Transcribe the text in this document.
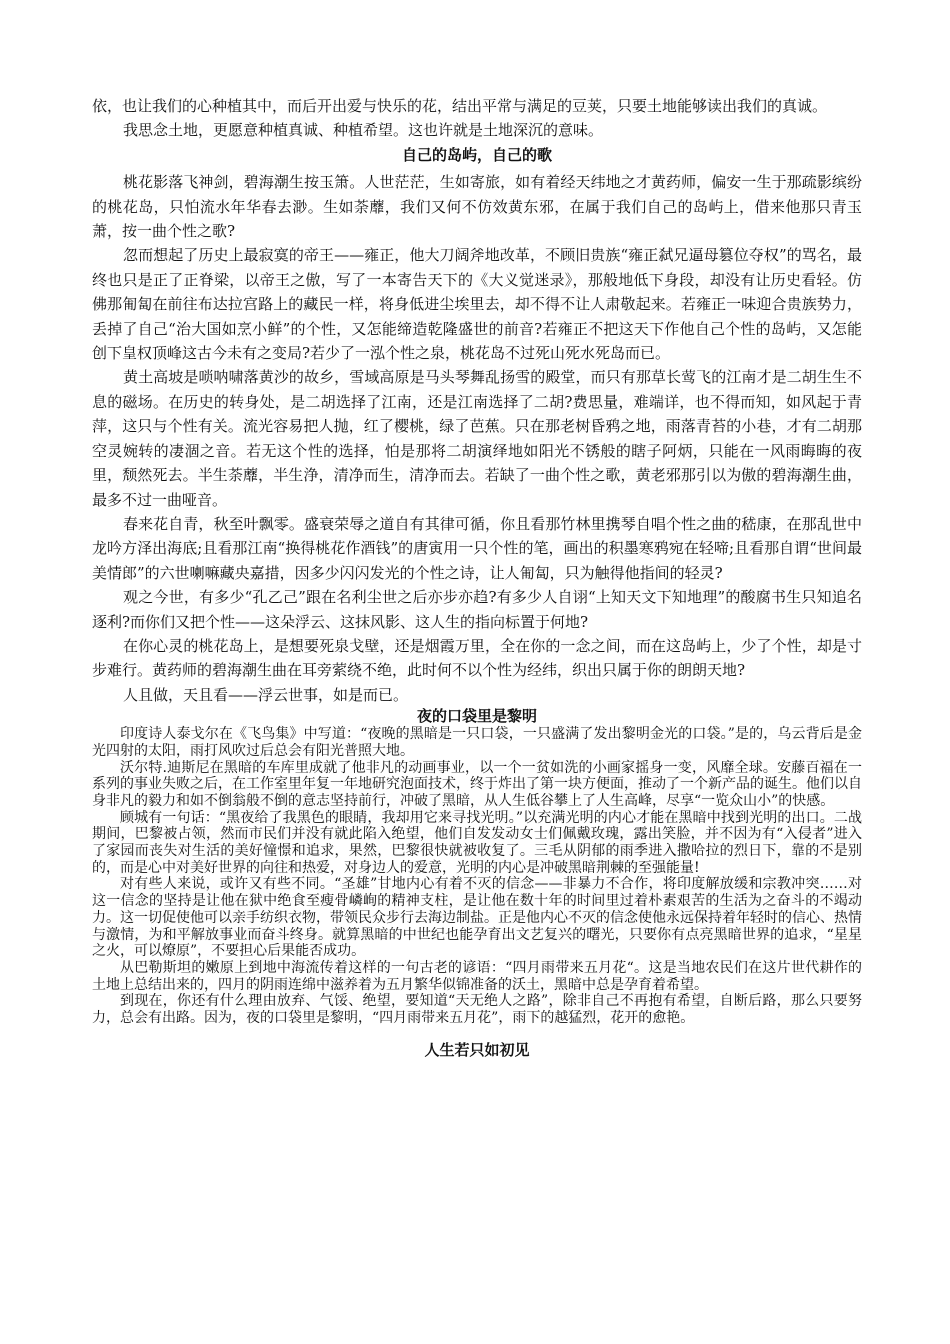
依，也让我们的心种植其中，而后开出爱与快乐的花，结出平常与满足的豆荚，只要土地能够读出我们的真诚。

我思念土地，更愿意种植真诚、种植希望。这也许就是土地深沉的意味。

自己的岛屿，自己的歌

桃花影落飞神剑，碧海潮生按玉箫。人世茫茫，生如寄旅，如有着经天纬地之才黄药师，偏安一生于那疏影缤纷的桃花岛，只怕流水年华春去渺。生如荼蘼，我们又何不仿效黄东邪，在属于我们自己的岛屿上，借来他那只青玉萧，按一曲个性之歌?

忽而想起了历史上最寂寞的帝王——雍正，他大刀阔斧地改革，不顾旧贵族“雍正弑兄逼母篡位夺权”的骂名，最终也只是正了正脊梁，以帝王之傲，写了一本寄告天下的《大义觉迷录》，那般地低下身段，却没有让历史看轻。仿佛那匍匐在前往布达拉宫路上的藏民一样，将身低进尘埃里去，却不得不让人肃敬起来。若雍正一味迎合贵族势力，丢掉了自己“治大国如烹小鲜”的个性，又怎能缔造乾隆盛世的前音?若雍正不把这天下作他自己个性的岛屿，又怎能创下皇权顶峰这古今未有之变局?若少了一泓个性之泉，桃花岛不过死山死水死岛而已。

黄土高坡是唢呐啸落黄沙的故乡，雪域高原是马头琴舞乱扬雪的殿堂，而只有那草长莺飞的江南才是二胡生生不息的磁场。在历史的转身处，是二胡选择了江南，还是江南选择了二胡?费思量，难端详，也不得而知，如风起于青萍，这只与个性有关。流光容易把人抛，红了樱桃，绿了芭蕉。只在那老树昏鸦之地，雨落青苔的小巷，才有二胡那空灵婉转的凄涸之音。若无这个性的选择，怕是那将二胡演绎地如阳光不锈般的瞎子阿炳，只能在一风雨晦晦的夜里，颓然死去。半生荼蘼，半生浄，清净而生，清净而去。若缺了一曲个性之歌，黄老邪那引以为傲的碧海潮生曲，最多不过一曲哑音。

春来花自青，秋至叶飘零。盛衰荣辱之道自有其律可循，你且看那竹林里携琴自唱个性之曲的嵇康，在那乱世中龙吟方泽出海底;且看那江南“换得桃花作酒钱”的唐寅用一只个性的笔，画出的积墨寒鸦宛在轻啼;且看那自谓“世间最美情郎”的六世喇嘛藏央嘉措，因多少闪闪发光的个性之诗，让人匍匐，只为触得他指间的轻灵?

观之今世，有多少“孔乙己”跟在名利尘世之后亦步亦趋?有多少人自诩“上知天文下知地理”的酸腐书生只知追名逐利?而你们又把个性——这朵浮云、这抹风影、这人生的指向标置于何地?

在你心灵的桃花岛上，是想要死泉戈壁，还是烟霞万里，全在你的一念之间，而在这岛屿上，少了个性，却是寸步难行。黄药师的碧海潮生曲在耳旁萦绕不绝，此时何不以个性为经纬，织出只属于你的朗朗天地?

人且做，天且看——浮云世事，如是而已。

夜的口袋里是黎明

印度诗人泰戈尔在《飞鸟集》中写道：“夜晚的黑暗是一只口袋，一只盛满了发出黎明金光的口袋。”是的，乌云背后是金光四射的太阳，雨打风吹过后总会有阳光普照大地。

沃尔特.迪斯尼在黑暗的车库里成就了他非凡的动画事业，以一个一贫如洗的小画家摇身一变，风靡全球。安藤百福在一系列的事业失败之后，在工作室里年复一年地研究泡面技术，终于炸出了第一块方便面，推动了一个新产品的诞生。他们以自身非凡的毅力和如不倒翁般不倒的意志坚持前行，冲破了黑暗，从人生低谷攀上了人生高峰，尽享“一览众山小”的快感。

顾城有一句话：“黑夜给了我黑色的眼睛，我却用它来寻找光明。”以充满光明的内心才能在黑暗中找到光明的出口。二战期间，巴黎被占领，然而市民们并没有就此陷入绝望，他们自发发动女士们佩戴玫瑰，露出笑脸，并不因为有“入侵者”进入了家园而丧失对生活的美好憧憬和追求，果然，巴黎很快就被收复了。三毛从阴郁的雨季进入撒哈拉的烈日下，靠的不是别的，而是心中对美好世界的向往和热爱，对身边人的爱意，光明的内心是冲破黑暗荆棘的至强能量!

对有些人来说，或许又有些不同。“圣雄”甘地内心有着不灭的信念——非暴力不合作，将印度解放缓和宗教冲突……对这一信念的坚持是让他在狱中绝食至瘦骨嶙峋的精神支柱，是让他在数十年的时间里过着朴素艰苦的生活为之奋斗的不竭动力。这一切促使他可以亲手纺织衣物，带领民众步行去海边制盐。正是他内心不灭的信念使他永远保持着年轻时的信心、热情与激情，为和平解放事业而奋斗终身。就算黑暗的中世纪也能孕育出文艺复兴的曙光，只要你有点亮黑暗世界的追求，“星星之火，可以燎原”，不要担心后果能否成功。

从巴勒斯坦的嫩原上到地中海流传着这样的一句古老的谚语：“四月雨带来五月花“。这是当地农民们在这片世代耕作的土地上总结出来的，四月的阴雨连绵中滋养着为五月繁华似锦准备的沃土，黑暗中总是孕育着希望。

到现在，你还有什么理由放弃、气馁、绝望，要知道“天无绝人之路”，除非自己不再抱有希望，自断后路，那么只要努力，总会有出路。因为，夜的口袋里是黎明，“四月雨带来五月花”，雨下的越猛烈，花开的愈艳。

人生若只如初见
